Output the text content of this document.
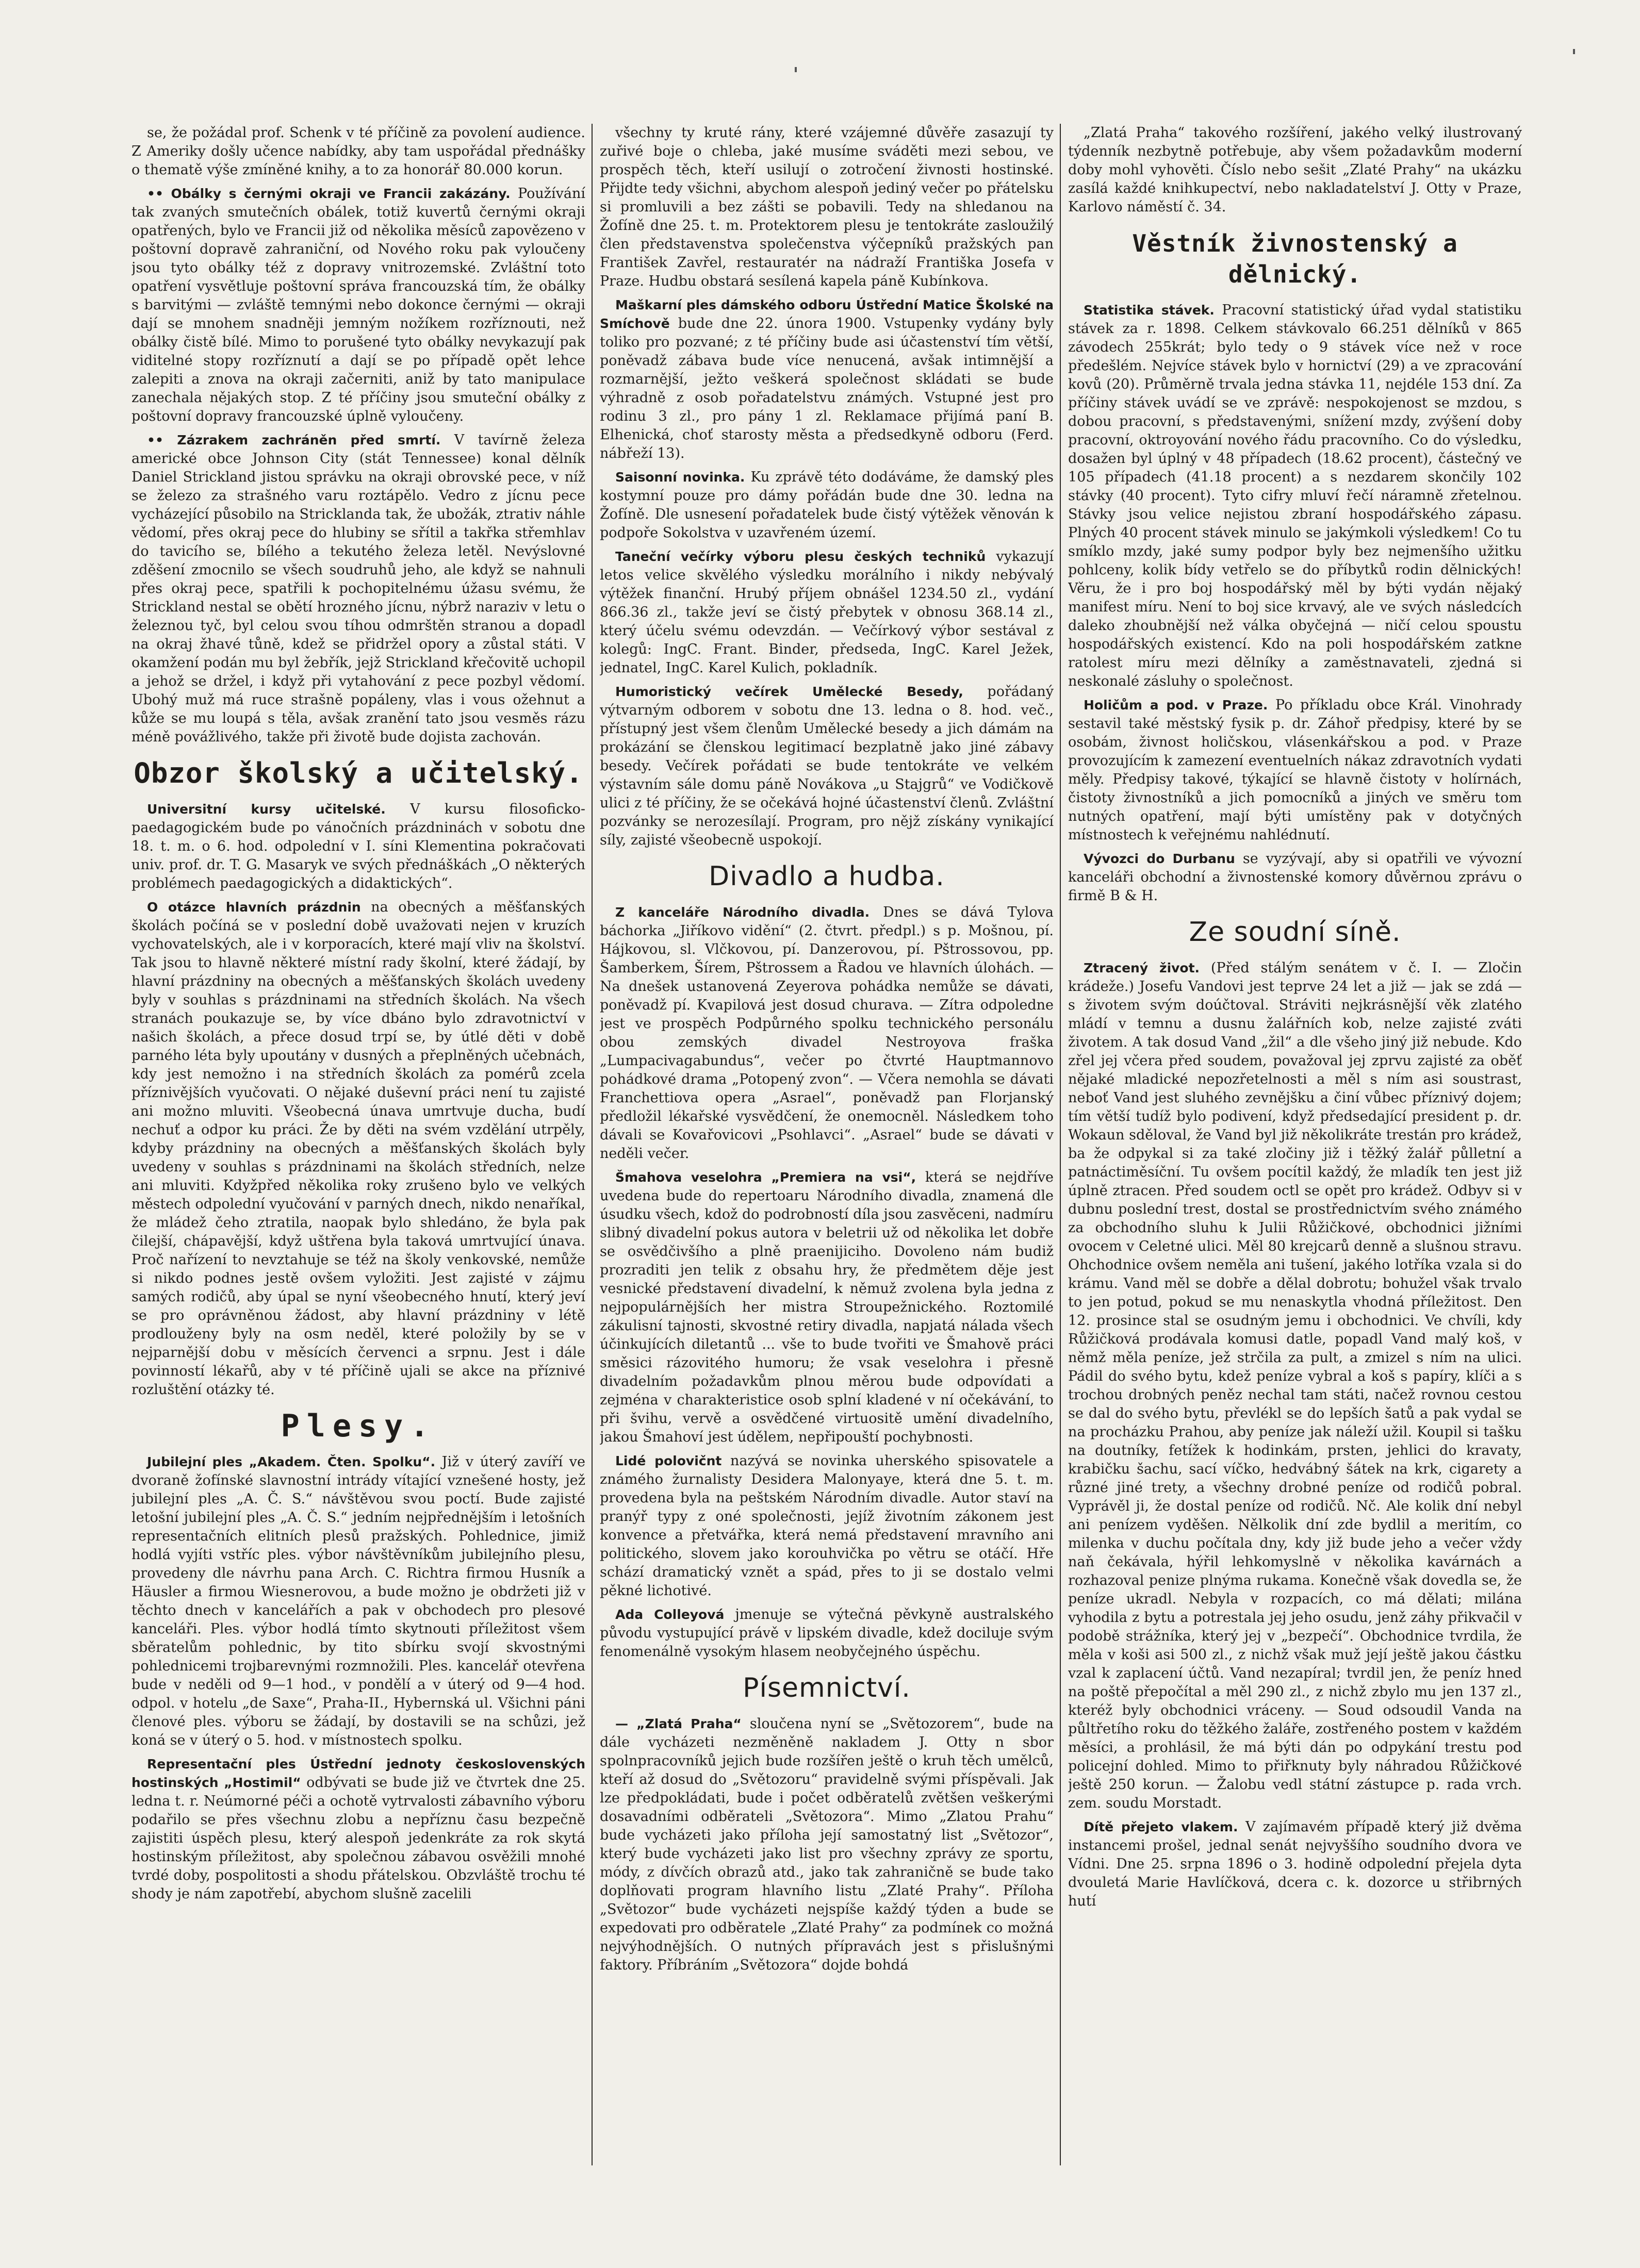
se, že požádal prof. Schenk v té příčině za povolení audience. Z Ameriky došly učence nabídky, aby tam uspořádal přednášky o thematě výše zmíněné knihy, a to za honorář 80.000 korun.

•• Obálky s černými okraji ve Francii zakázány. Používání tak zvaných smutečních obálek, totiž kuvertů černými okraji opatřených, bylo ve Francii již od několika měsíců zapovězeno v poštovní dopravě zahraniční, od Nového roku pak vyloučeny jsou tyto obálky též z dopravy vnitrozemské. Zvláštní toto opatření vysvětluje poštovní správa francouzská tím, že obálky s barvitými — zvláště temnými nebo dokonce černými — okraji dají se mnohem snadněji jemným nožíkem rozříznouti, než obálky čistě bílé. Mimo to porušené tyto obálky nevykazují pak viditelné stopy rozříznutí a dají se po případě opět lehce zalepiti a znova na okraji začerniti, aniž by tato manipulace zanechala nějakých stop. Z té příčiny jsou smuteční obálky z poštovní dopravy francouzské úplně vyloučeny.

•• Zázrakem zachráněn před smrtí. V tavírně železa americké obce Johnson City (stát Tennessee) konal dělník Daniel Strickland jistou správku na okraji obrovské pece, v níž se železo za strašného varu roztápělo. Vedro z jícnu pece vycházející působilo na Stricklanda tak, že ubožák, ztrativ náhle vědomí, přes okraj pece do hlubiny se sřítil a takřka střemhlav do tavicího se, bílého a tekutého železa letěl. Nevýslovné zděšení zmocnilo se všech soudruhů jeho, ale když se nahnuli přes okraj pece, spatřili k pochopitelnému úžasu svému, že Strickland nestal se obětí hrozného jícnu, nýbrž naraziv v letu o železnou tyč, byl celou svou tíhou odmrštěn stranou a dopadl na okraj žhavé tůně, kdež se přidržel opory a zůstal státi. V okamžení podán mu byl žebřík, jejž Strickland křečovitě uchopil a jehož se držel, i když při vytahování z pece pozbyl vědomí. Ubohý muž má ruce strašně popáleny, vlas i vous ožehnut a kůže se mu loupá s těla, avšak zranění tato jsou vesměs rázu méně povážlivého, takže při životě bude dojista zachován.

Obzor školský a učitelský.

Universitní kursy učitelské. V kursu filosoficko-paedagogickém bude po vánočních prázdninách v sobotu dne 18. t. m. o 6. hod. odpolední v I. síni Klementina pokračovati univ. prof. dr. T. G. Masaryk ve svých přednáškách „O některých problémech paedagogických a didaktických“.

O otázce hlavních prázdnin na obecných a měšťanských školách počíná se v poslední době uvažovati nejen v kruzích vychovatelských, ale i v korporacích, které mají vliv na školství. Tak jsou to hlavně některé místní rady školní, které žádají, by hlavní prázdniny na obecných a měšťanských školách uvedeny byly v souhlas s prázdninami na středních školách. Na všech stranách poukazuje se, by více dbáno bylo zdravotnictví v našich školách, a přece dosud trpí se, by útlé děti v době parného léta byly upoutány v dusných a přeplněných učebnách, kdy jest nemožno i na středních školách za pomérů zcela příznivějších vyučovati. O nějaké duševní práci není tu zajisté ani možno mluviti. Všeobecná únava umrtvuje ducha, budí nechuť a odpor ku práci. Že by děti na svém vzdělání utrpěly, kdyby prázdniny na obecných a měšťanských školách byly uvedeny v souhlas s prázdninami na školách středních, nelze ani mluviti. Kdyžpřed několika roky zrušeno bylo ve velkých městech odpolední vyučování v parných dnech, nikdo nenaříkal, že mládež čeho ztratila, naopak bylo shledáno, že byla pak čilejší, chápavější, když uštřena byla taková umrtvující únava. Proč nařízení to nevztahuje se též na školy venkovské, nemůže si nikdo podnes jestě ovšem vyložiti. Jest zajisté v zájmu samých rodičů, aby úpal se nyní všeobecného hnutí, který jeví se pro oprávněnou žádost, aby hlavní prázdniny v létě prodlouženy byly na osm neděl, které položily by se v nejparnější dobu v měsících červenci a srpnu. Jest i dále povinností lékařů, aby v té příčině ujali se akce na příznivé rozluštění otázky té.

Plesy.

Jubilejní ples „Akadem. Čten. Spolku“. Již v úterý zavíří ve dvoraně žofínské slavnostní intrády vítající vznešené hosty, jež jubilejní ples „A. Č. S.“ návštěvou svou poctí. Bude zajisté letošní jubilejní ples „A. Č. S.“ jedním nejpřednějším i letošních representačních elitních plesů pražských. Pohlednice, jimiž hodlá vyjíti vstříc ples. výbor návštěvníkům jubilejního plesu, provedeny dle návrhu pana Arch. C. Richtra firmou Husník a Häusler a firmou Wiesnerovou, a bude možno je obdržeti již v těchto dnech v kancelářích a pak v obchodech pro plesové kanceláři. Ples. výbor hodlá tímto skytnouti příležitost všem sběratelům pohlednic, by tito sbírku svojí skvostnými pohlednicemi trojbarevnými rozmnožili. Ples. kancelář otevřena bude v neděli od 9—1 hod., v pondělí a v úterý od 9—4 hod. odpol. v hotelu „de Saxe“, Praha-II., Hybernská ul. Všichni páni členové ples. výboru se žádají, by dostavili se na schůzi, jež koná se v úterý o 5. hod. v místnostech spolku.

Representační ples Ústřední jednoty československých hostinských „Hostimil“ odbývati se bude již ve čtvrtek dne 25. ledna t. r. Neúmorné péči a ochotě vytrvalosti zábavního výboru podařilo se přes všechnu zlobu a nepříznu času bezpečně zajistiti úspěch plesu, který alespoň jedenkráte za rok skytá hostinským příležitost, aby společnou zábavou osvěžili mnohé tvrdé doby, pospolitosti a shodu přátelskou. Obzvláště trochu té shody je nám zapotřebí, abychom slušně zacelili

všechny ty kruté rány, které vzájemné důvěře zasazují ty zuřivé boje o chleba, jaké musíme sváděti mezi sebou, ve prospěch těch, kteří usilují o zotročení živnosti hostinské. Přijdte tedy všichni, abychom alespoň jediný večer po přátelsku si promluvili a bez zášti se pobavili. Tedy na shledanou na Žofíně dne 25. t. m. Protektorem plesu je tentokráte zasloužilý člen představenstva společenstva výčepníků pražských pan František Zavřel, restauratér na nádraží Františka Josefa v Praze. Hudbu obstará sesílená kapela páně Kubínkova.

Maškarní ples dámského odboru Ústřední Matice Školské na Smíchově bude dne 22. února 1900. Vstupenky vydány byly toliko pro pozvané; z té příčiny bude asi účastenství tím větší, poněvadž zábava bude více nenucená, avšak intimnější a rozmarnější, ježto veškerá společnost skládati se bude výhradně z osob pořadatelstvu známých. Vstupné jest pro rodinu 3 zl., pro pány 1 zl. Reklamace přijímá paní B. Elhenická, choť starosty města a předsedkyně odboru (Ferd. nábřeží 13).

Saisonní novinka. Ku zprávě této dodáváme, že damský ples kostymní pouze pro dámy pořádán bude dne 30. ledna na Žofíně. Dle usnesení pořadatelek bude čistý výtěžek věnován k podpoře Sokolstva v uzavřeném území.

Taneční večírky výboru plesu českých techniků vykazují letos velice skvělého výsledku morálního i nikdy nebývalý výtěžek finanční. Hrubý příjem obnášel 1234.50 zl., vydání 866.36 zl., takže jeví se čistý přebytek v obnosu 368.14 zl., který účelu svému odevzdán. — Večírkový výbor sestával z kolegů: IngC. Frant. Binder, předseda, IngC. Karel Ježek, jednatel, IngC. Karel Kulich, pokladník.

Humoristický večírek Umělecké Besedy, pořádaný výtvarným odborem v sobotu dne 13. ledna o 8. hod. več., přístupný jest všem členům Umělecké besedy a jich dámám na prokázání se členskou legitimací bezplatně jako jiné zábavy besedy. Večírek pořádati se bude tentokráte ve velkém výstavním sále domu páně Novákova „u Stajgrů“ ve Vodičkově ulici z té příčiny, že se očekává hojné účastenství členů. Zvláštní pozvánky se nerozesílají. Program, pro nějž získány vynikající síly, zajisté všeobecně uspokojí.

Divadlo a hudba.

Z kanceláře Národního divadla. Dnes se dává Tylova báchorka „Jiříkovo vidění“ (2. čtvrt. předpl.) s p. Mošnou, pí. Hájkovou, sl. Vlčkovou, pí. Danzerovou, pí. Pštrossovou, pp. Šamberkem, Šírem, Pštrossem a Řadou ve hlavních úlohách. — Na dnešek ustanovená Zeyerova pohádka nemůže se dávati, poněvadž pí. Kvapilová jest dosud churava. — Zítra odpoledne jest ve prospěch Podpůrného spolku technického personálu obou zemských divadel Nestroyova fraška „Lumpacivagabundus“, večer po čtvrté Hauptmannovo pohádkové drama „Potopený zvon“. — Včera nemohla se dávati Franchettiova opera „Asrael“, poněvadž pan Florjanský předložil lékařské vysvědčení, že onemocněl. Následkem toho dávali se Kovařovicovi „Psohlavci“. „Asrael“ bude se dávati v neděli večer.

Šmahova veselohra „Premiera na vsi“, která se nejdříve uvedena bude do repertoaru Národního divadla, znamená dle úsudku všech, kdož do podrobností díla jsou zasvěceni, nadmíru slibný divadelní pokus autora v beletrii už od několika let dobře se osvědčivšího a plně praenijiciho. Dovoleno nám budiž prozraditi jen telik z obsahu hry, že předmětem děje jest vesnické představení divadelní, k němuž zvolena byla jedna z nejpopulárnějších her mistra Stroupežnického. Roztomilé zákulisní tajnosti, skvostné retiry divadla, napjatá nálada všech účinkujících diletantů ... vše to bude tvořiti ve Šmahově práci směsici rázovitého humoru; že vsak veselohra i přesně divadelním požadavkům plnou měrou bude odpovídati a zejména v charakteristice osob splní kladené v ní očekávání, to při švihu, vervě a osvědčené virtuositě umění divadelního, jakou Šmahoví jest údělem, nepřipouští pochybnosti.

Lidé polovičnt nazývá se novinka uherského spisovatele a známého žurnalisty Desidera Malonyaye, která dne 5. t. m. provedena byla na peštském Národním divadle. Autor staví na pranýř typy z oné společnosti, jejíž životním zákonem jest konvence a přetvářka, která nemá představení mravního ani politického, slovem jako korouhvička po větru se otáčí. Hře schází dramatický vznět a spád, přes to ji se dostalo velmi pěkné lichotivé.

Ada Colleyová jmenuje se výtečná pěvkyně australského původu vystupující právě v lipském divadle, kdež dociluje svým fenomenálně vysokým hlasem neobyčejného úspěchu.

Písemnictví.

— „Zlatá Praha“ sloučena nyní se „Světozorem“, bude na dále vycházeti nezměněně nakladem J. Otty n sbor spolnpracovníků jejich bude rozšířen ještě o kruh těch umělců, kteří až dosud do „Světozoru“ pravidelně svými příspěvali. Jak lze předpokládati, bude i počet odběratelů zvětšen veškerými dosavadními odběrateli „Světozora“. Mimo „Zlatou Prahu“ bude vycházeti jako příloha její samostatný list „Světozor“, který bude vycházeti jako list pro všechny zprávy ze sportu, módy, z dívčích obrazů atd., jako tak zahraničně se bude tako doplňovati program hlavního listu „Zlaté Prahy“. Příloha „Světozor“ bude vycházeti nejspíše každý týden a bude se expedovati pro odběratele „Zlaté Prahy“ za podmínek co možná nejvýhodnějších. O nutných přípravách jest s přislušnými faktory. Příbráním „Světozora“ dojde bohdá

„Zlatá Praha“ takového rozšíření, jakého velký ilustrovaný týdenník nezbytně potřebuje, aby všem požadavkům moderní doby mohl vyhověti. Číslo nebo sešit „Zlaté Prahy“ na ukázku zasílá každé knihkupectví, nebo nakladatelství J. Otty v Praze, Karlovo náměstí č. 34.

Věstník živnostenský a dělnický.

Statistika stávek. Pracovní statistický úřad vydal statistiku stávek za r. 1898. Celkem stávkovalo 66.251 dělníků v 865 závodech 255krát; bylo tedy o 9 stávek více než v roce předešlém. Nejvíce stávek bylo v hornictví (29) a ve zpracování kovů (20). Průměrně trvala jedna stávka 11, nejdéle 153 dní. Za příčiny stávek uvádí se ve zprávě: nespokojenost se mzdou, s dobou pracovní, s představenými, snížení mzdy, zvýšení doby pracovní, oktroyování nového řádu pracovního. Co do výsledku, dosažen byl úplný v 48 případech (18.62 procent), částečný ve 105 případech (41.18 procent) a s nezdarem skončily 102 stávky (40 procent). Tyto cifry mluví řečí náramně zřetelnou. Stávky jsou velice nejistou zbraní hospodářského zápasu. Plných 40 procent stávek minulo se jakýmkoli výsledkem! Co tu smíklo mzdy, jaké sumy podpor byly bez nejmenšího užitku pohlceny, kolik bídy vetřelo se do příbytků rodin dělnických! Věru, že i pro boj hospodářský měl by býti vydán nějaký manifest míru. Není to boj sice krvavý, ale ve svých následcích daleko zhoubnější než válka obyčejná — ničí celou spoustu hospodářských existencí. Kdo na poli hospodářském zatkne ratolest míru mezi dělníky a zaměstnavateli, zjedná si neskonalé zásluhy o společnost.

Holičům a pod. v Praze. Po příkladu obce Král. Vinohrady sestavil také městský fysik p. dr. Záhoř předpisy, které by se osobám, živnost holičskou, vlásenkářskou a pod. v Praze provozujícím k zamezení eventuelních nákaz zdravotních vydati měly. Předpisy takové, týkající se hlavně čistoty v holírnách, čistoty živnostníků a jich pomocníků a jiných ve směru tom nutných opatření, mají býti umístěny pak v dotyčných místnostech k veřejnému nahlédnutí.

Vývozci do Durbanu se vyzývají, aby si opatřili ve vývozní kanceláři obchodní a živnostenské komory důvěrnou zprávu o firmě B & H.

Ze soudní síně.

Ztracený život. (Před stálým senátem v č. I. — Zločin krádeže.) Josefu Vandovi jest teprve 24 let a již — jak se zdá — s životem svým doúčtoval. Stráviti nejkrásnější věk zlatého mládí v temnu a dusnu žalářních kob, nelze zajisté zváti životem. A tak dosud Vand „žil“ a dle všeho jiný již nebude. Kdo zřel jej včera před soudem, považoval jej zprvu zajisté za oběť nějaké mladické nepozřetelnosti a měl s ním asi soustrast, neboť Vand jest sluhého zevnějšku a činí vůbec příznivý dojem; tím větší tudíž bylo podivení, když předsedající president p. dr. Wokaun sděloval, že Vand byl již několikráte trestán pro krádež, ba že odpykal si za také zločiny již i těžký žalář půlletní a patnáctiměsíční. Tu ovšem pocítil každý, že mladík ten jest již úplně ztracen. Před soudem octl se opět pro krádež. Odbyv si v dubnu poslední trest, dostal se prostřednictvím svého známého za obchodního sluhu k Julii Růžičkové, obchodnici jižními ovocem v Celetné ulici. Měl 80 krejcarů denně a slušnou stravu. Ohchodnice ovšem neměla ani tušení, jakého lotříka vzala si do krámu. Vand měl se dobře a dělal dobrotu; bohužel však trvalo to jen potud, pokud se mu nenaskytla vhodná příležitost. Den 12. prosince stal se osudným jemu i obchodnici. Ve chvíli, kdy Růžičková prodávala komusi datle, popadl Vand malý koš, v němž měla peníze, jež strčila za pult, a zmizel s ním na ulici. Pádil do svého bytu, kdež peníze vybral a koš s papíry, klíči a s trochou drobných peněz nechal tam státi, načež rovnou cestou se dal do svého bytu, převlékl se do lepších šatů a pak vydal se na procházku Prahou, aby peníze jak náleží užil. Koupil si tašku na doutníky, fetížek k hodinkám, prsten, jehlici do kravaty, krabičku šachu, sací víčko, hedvábný šátek na krk, cigarety a různé jiné trety, a všechny drobné peníze od rodičů pobral. Vyprávěl ji, že dostal peníze od rodičů. Nč. Ale kolik dní nebyl ani penízem vyděšen. Nělkolik dní zde bydlil a meritím, co milenka v duchu počítala dny, kdy již bude jeho a večer vždy naň čekávala, hýřil lehkomyslně v několika kavárnách a rozhazoval penize plnýma rukama. Konečně však dovedla se, že peníze ukradl. Nebyla v rozpacích, co má dělati; milána vyhodila z bytu a potrestala jej jeho osudu, jenž záhy přikvačil v podobě strážníka, který jej v „bezpečí“. Obchodnice tvrdila, že měla v koši asi 500 zl., z nichž však muž její ještě jakou částku vzal k zaplacení účtů. Vand nezapíral; tvrdil jen, že peníz hned na poště přepočítal a měl 290 zl., z nichž zbylo mu jen 137 zl., kteréž byly obchodnici vráceny. — Soud odsoudil Vanda na půltřetího roku do těžkého žaláře, zostřeného postem v každém měsíci, a prohlásil, že má býti dán po odpykání trestu pod policejní dohled. Mimo to přiřknuty byly náhradou Růžičkové ještě 250 korun. — Žalobu vedl státní zástupce p. rada vrch. zem. soudu Morstadt.

Dítě přejeto vlakem. V zajímavém případě který již dvěma instancemi prošel, jednal senát nejvyššího soudního dvora ve Vídni. Dne 25. srpna 1896 o 3. hodině odpolední přejela dyta dvouletá Marie Havlíčková, dcera c. k. dozorce u střibrných hutí
